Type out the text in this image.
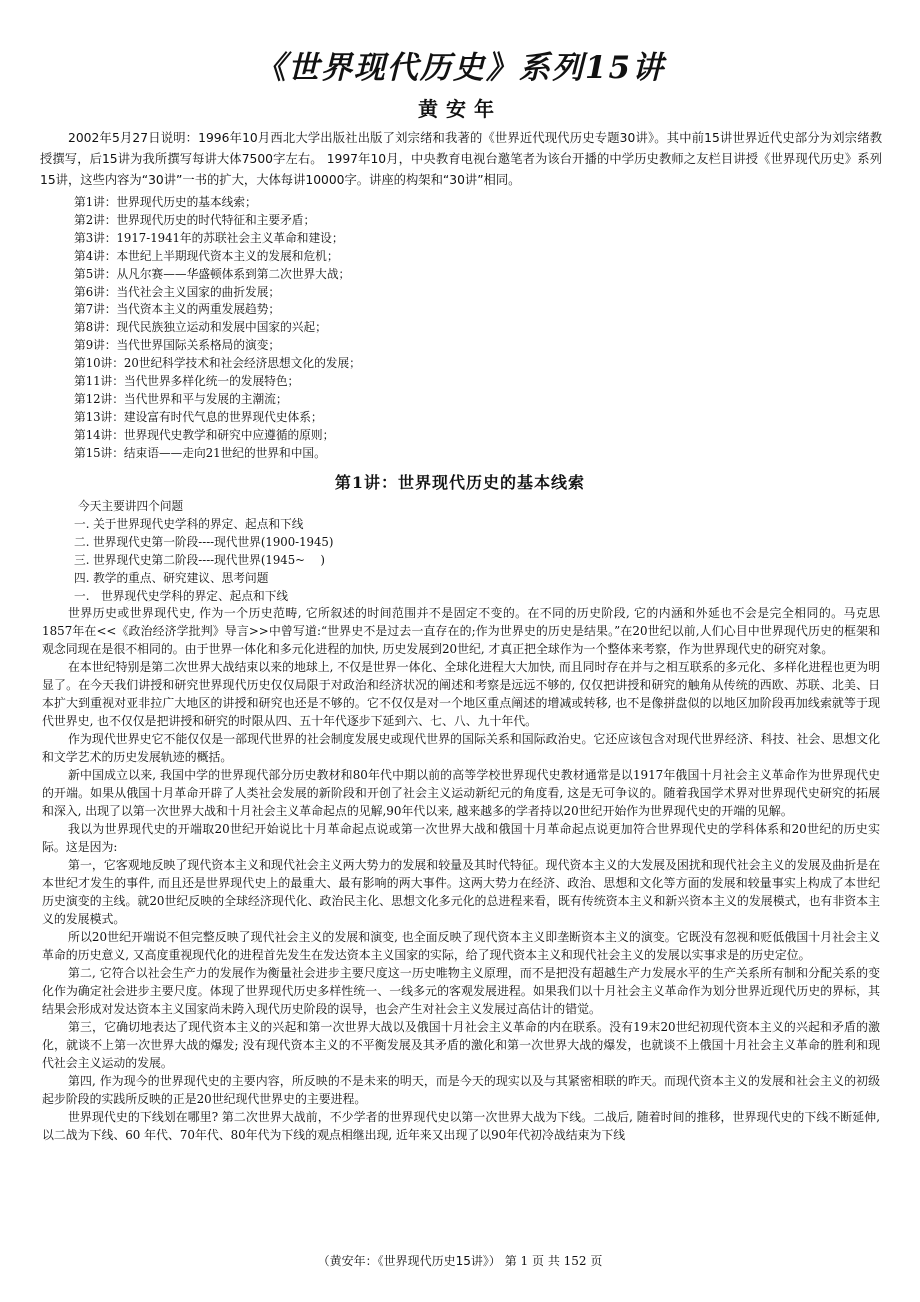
《世界现代历史》系列15讲
黄安年
2002年5月27日说明：1996年10月西北大学出版社出版了刘宗绪和我著的《世界近代现代历史专题30讲》。其中前15讲世界近代史部分为刘宗绪教授撰写，后15讲为我所撰写每讲大体7500字左右。 1997年10月，中央教育电视台邀笔者为该台开播的中学历史教师之友栏目讲授《世界现代历史》系列15讲，这些内容为“30讲”一书的扩大，大体每讲10000字。讲座的构架和“30讲”相同。
第1讲：世界现代历史的基本线索；
第2讲：世界现代历史的时代特征和主要矛盾；
第3讲：1917-1941年的苏联社会主义革命和建设；
第4讲：本世纪上半期现代资本主义的发展和危机；
第5讲：从凡尔赛——华盛顿体系到第二次世界大战；
第6讲：当代社会主义国家的曲折发展；
第7讲：当代资本主义的两重发展趋势；
第8讲：现代民族独立运动和发展中国家的兴起；
第9讲：当代世界国际关系格局的演变；
第10讲：20世纪科学技术和社会经济思想文化的发展；
第11讲：当代世界多样化统一的发展特色；
第12讲：当代世界和平与发展的主潮流；
第13讲：建设富有时代气息的世界现代史体系；
第14讲：世界现代史教学和研究中应遵循的原则；
第15讲：结束语——走向21世纪的世界和中国。
第1讲：世界现代历史的基本线索
今天主要讲四个问题
一. 关于世界现代史学科的界定、起点和下线
二. 世界现代史第一阶段----现代世界(1900-1945)
三. 世界现代史第二阶段----现代世界(1945~　 )
四. 教学的重点、研究建议、思考问题
一.　世界现代史学科的界定、起点和下线

世界历史或世界现代史, 作为一个历史范畴, 它所叙述的时间范围并不是固定不变的。在不同的历史阶段, 它的内涵和外延也不会是完全相同的。马克思1857年在<<《政治经济学批判》导言>>中曾写道:“世界史不是过去一直存在的;作为世界史的历史是结果。”在20世纪以前,人们心目中世界现代历史的框架和观念同现在是很不相同的。由于世界一体化和多元化进程的加快, 历史发展到20世纪, 才真正把全球作为一个整体来考察，作为世界现代史的研究对象。

在本世纪特别是第二次世界大战结束以来的地球上, 不仅是世界一体化、全球化进程大大加快, 而且同时存在并与之相互联系的多元化、多样化进程也更为明显了。在今天我们讲授和研究世界现代历史仅仅局限于对政治和经济状况的阐述和考察是远远不够的, 仅仅把讲授和研究的触角从传统的西欧、苏联、北美、日本扩大到重视对亚非拉广大地区的讲授和研究也还是不够的。它不仅仅是对一个地区重点阐述的增减或转移, 也不是像拼盘似的以地区加阶段再加线索就等于现代世界史, 也不仅仅是把讲授和研究的时限从四、五十年代逐步下延到六、七、八、九十年代。

作为现代世界史它不能仅仅是一部现代世界的社会制度发展史或现代世界的国际关系和国际政治史。它还应该包含对现代世界经济、科技、社会、思想文化和文学艺术的历史发展轨迹的概括。

新中国成立以来, 我国中学的世界现代部分历史教材和80年代中期以前的高等学校世界现代史教材通常是以1917年俄国十月社会主义革命作为世界现代史的开端。如果从俄国十月革命开辟了人类社会发展的新阶段和开创了社会主义运动新纪元的角度看, 这是无可争议的。随着我国学术界对世界现代史研究的拓展和深入, 出现了以第一次世界大战和十月社会主义革命起点的见解,90年代以来, 越来越多的学者持以20世纪开始作为世界现代史的开端的见解。

我以为世界现代史的开端取20世纪开始说比十月革命起点说或第一次世界大战和俄国十月革命起点说更加符合世界现代史的学科体系和20世纪的历史实际。这是因为:

第一，它客观地反映了现代资本主义和现代社会主义两大势力的发展和较量及其时代特征。现代资本主义的大发展及困扰和现代社会主义的发展及曲折是在本世纪才发生的事件, 而且还是世界现代史上的最重大、最有影响的两大事件。这两大势力在经济、政治、思想和文化等方面的发展和较量事实上构成了本世纪历史演变的主线。就20世纪反映的全球经济现代化、政治民主化、思想文化多元化的总进程来看，既有传统资本主义和新兴资本主义的发展模式，也有非资本主义的发展模式。

所以20世纪开端说不但完整反映了现代社会主义的发展和演变, 也全面反映了现代资本主义即垄断资本主义的演变。它既没有忽视和贬低俄国十月社会主义革命的历史意义, 又高度重视现代化的进程首先发生在发达资本主义国家的实际，给了现代资本主义和现代社会主义的发展以实事求是的历史定位。

第二, 它符合以社会生产力的发展作为衡量社会进步主要尺度这一历史唯物主义原理，而不是把没有超越生产力发展水平的生产关系所有制和分配关系的变化作为确定社会进步主要尺度。体现了世界现代历史多样性统一、一线多元的客观发展进程。如果我们以十月社会主义革命作为划分世界近现代历史的界标，其结果会形成对发达资本主义国家尚未跨入现代历史阶段的误导，也会产生对社会主义发展过高估计的错觉。

第三，它确切地表达了现代资本主义的兴起和第一次世界大战以及俄国十月社会主义革命的内在联系。没有19末20世纪初现代资本主义的兴起和矛盾的激化，就谈不上第一次世界大战的爆发; 没有现代资本主义的不平衡发展及其矛盾的激化和第一次世界大战的爆发，也就谈不上俄国十月社会主义革命的胜利和现代社会主义运动的发展。

第四, 作为现今的世界现代史的主要内容，所反映的不是未来的明天，而是今天的现实以及与其紧密相联的昨天。而现代资本主义的发展和社会主义的初级起步阶段的实践所反映的正是20世纪现代世界史的主要进程。

世界现代史的下线划在哪里? 第二次世界大战前，不少学者的世界现代史以第一次世界大战为下线。二战后, 随着时间的推移，世界现代史的下线不断延伸, 以二战为下线、60 年代、70年代、80年代为下线的观点相继出现, 近年来又出现了以90年代初冷战结束为下线

（黄安年：《世界现代历史15讲》） 第 1 页 共 152 页
